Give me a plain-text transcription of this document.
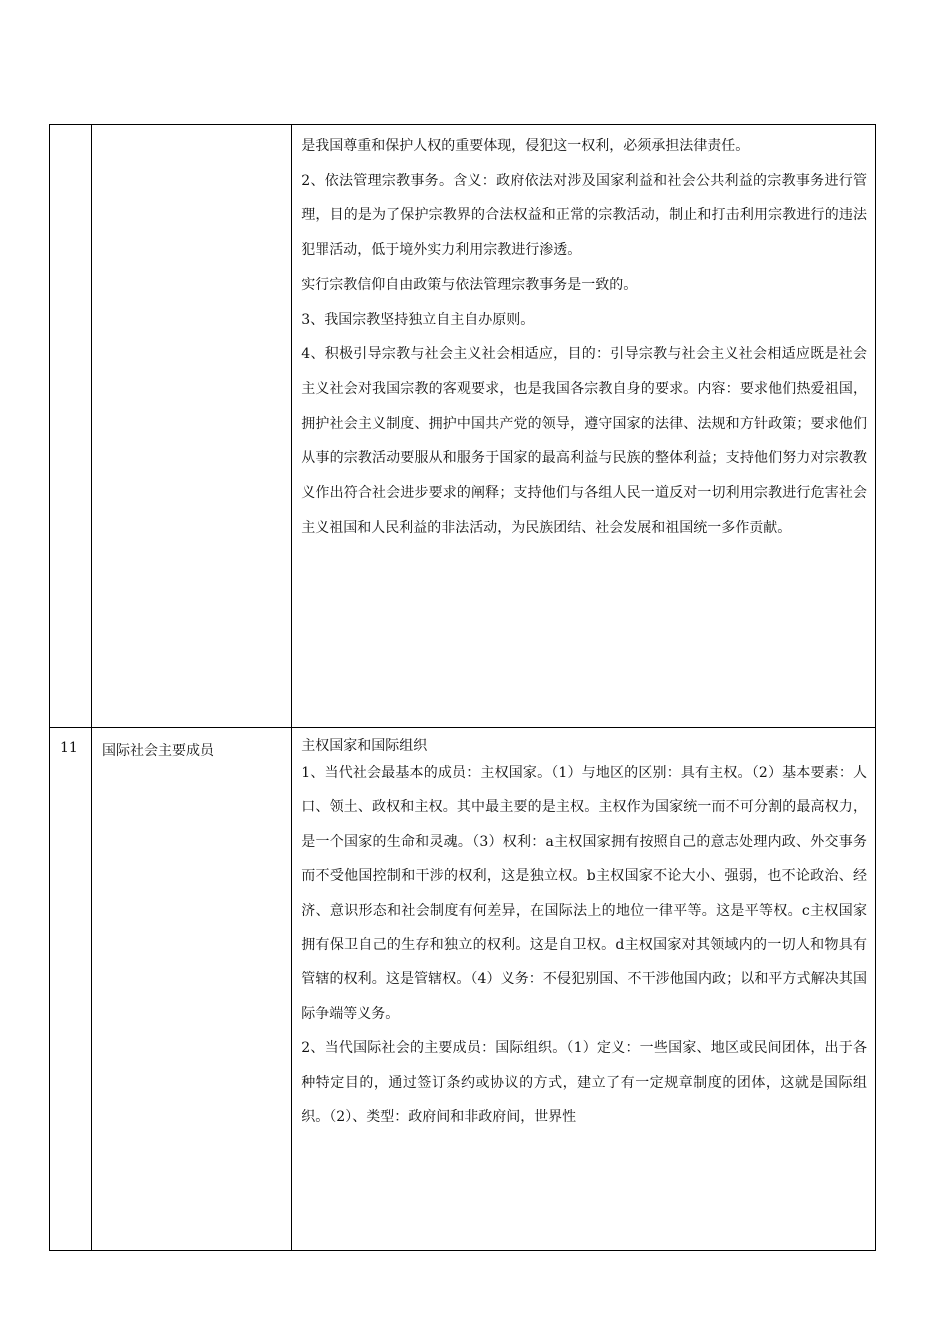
		是我国尊重和保护人权的重要体现，侵犯这一权利，必须承担法律责任。

2、依法管理宗教事务。含义：政府依法对涉及国家利益和社会公共利益的宗教事务进行管理，目的是为了保护宗教界的合法权益和正常的宗教活动，制止和打击利用宗教进行的违法犯罪活动，低于境外实力利用宗教进行渗透。

实行宗教信仰自由政策与依法管理宗教事务是一致的。

3、我国宗教坚持独立自主自办原则。

4、积极引导宗教与社会主义社会相适应，目的：引导宗教与社会主义社会相适应既是社会主义社会对我国宗教的客观要求，也是我国各宗教自身的要求。内容：要求他们热爱祖国，拥护社会主义制度、拥护中国共产党的领导，遵守国家的法律、法规和方针政策；要求他们从事的宗教活动要服从和服务于国家的最高利益与民族的整体利益；支持他们努力对宗教教义作出符合社会进步要求的阐释；支持他们与各组人民一道反对一切利用宗教进行危害社会主义祖国和人民利益的非法活动，为民族团结、社会发展和祖国统一多作贡献。

11	国际社会主要成员	主权国家和国际组织

1、当代社会最基本的成员：主权国家。（1）与地区的区别：具有主权。（2）基本要素：人口、领土、政权和主权。其中最主要的是主权。主权作为国家统一而不可分割的最高权力，是一个国家的生命和灵魂。（3）权利：a主权国家拥有按照自己的意志处理内政、外交事务而不受他国控制和干涉的权利，这是独立权。b主权国家不论大小、强弱，也不论政治、经济、意识形态和社会制度有何差异，在国际法上的地位一律平等。这是平等权。c主权国家拥有保卫自己的生存和独立的权利。这是自卫权。d主权国家对其领域内的一切人和物具有管辖的权利。这是管辖权。（4）义务：不侵犯别国、不干涉他国内政；以和平方式解决其国际争端等义务。

2、当代国际社会的主要成员：国际组织。（1）定义：一些国家、地区或民间团体，出于各种特定目的，通过签订条约或协议的方式，建立了有一定规章制度的团体，这就是国际组织。（2）、类型：政府间和非政府间，世界性
